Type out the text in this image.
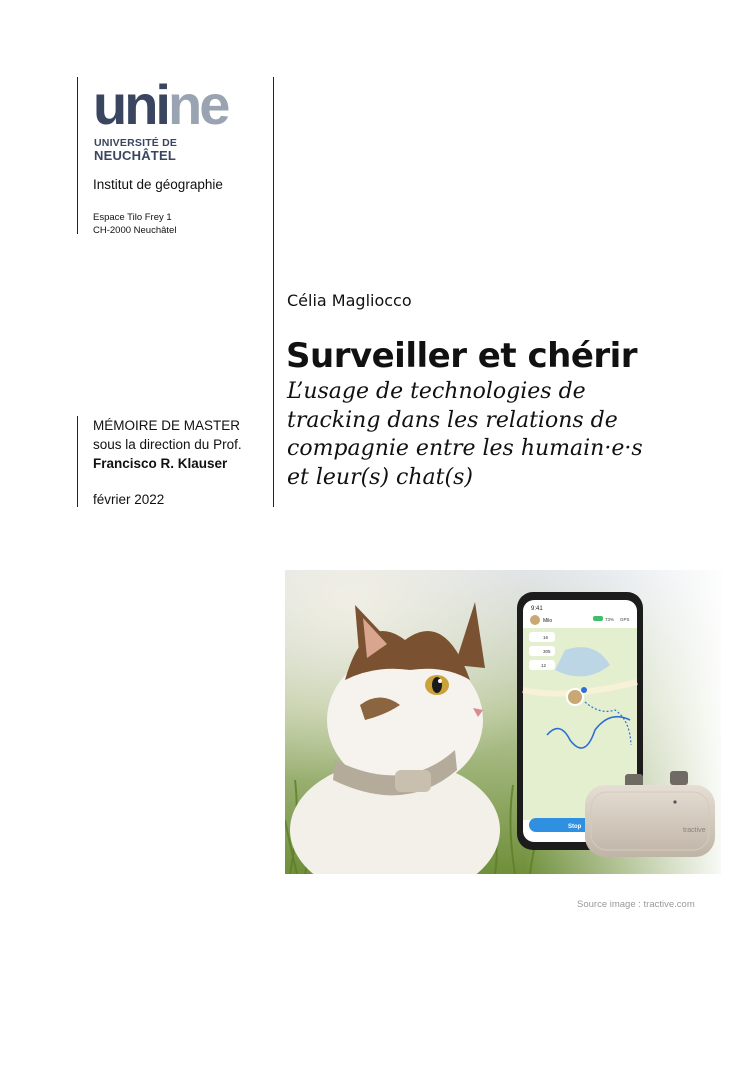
unine
UNIVERSITÉ DE
NEUCHÂTEL
Institut de géographie
Espace Tilo Frey 1
CH-2000 Neuchâtel
MÉMOIRE DE MASTER
sous la direction du Prof.
Francisco R. Klauser
février 2022
Célia Magliocco
Surveiller et chérir
L’usage de technologies de
tracking dans les relations de
compagnie entre les humain·e·s
et leur(s) chat(s)
9:41
Milo	73% GPS
16
305
12
Stop	tractive
Source image : tractive.com
